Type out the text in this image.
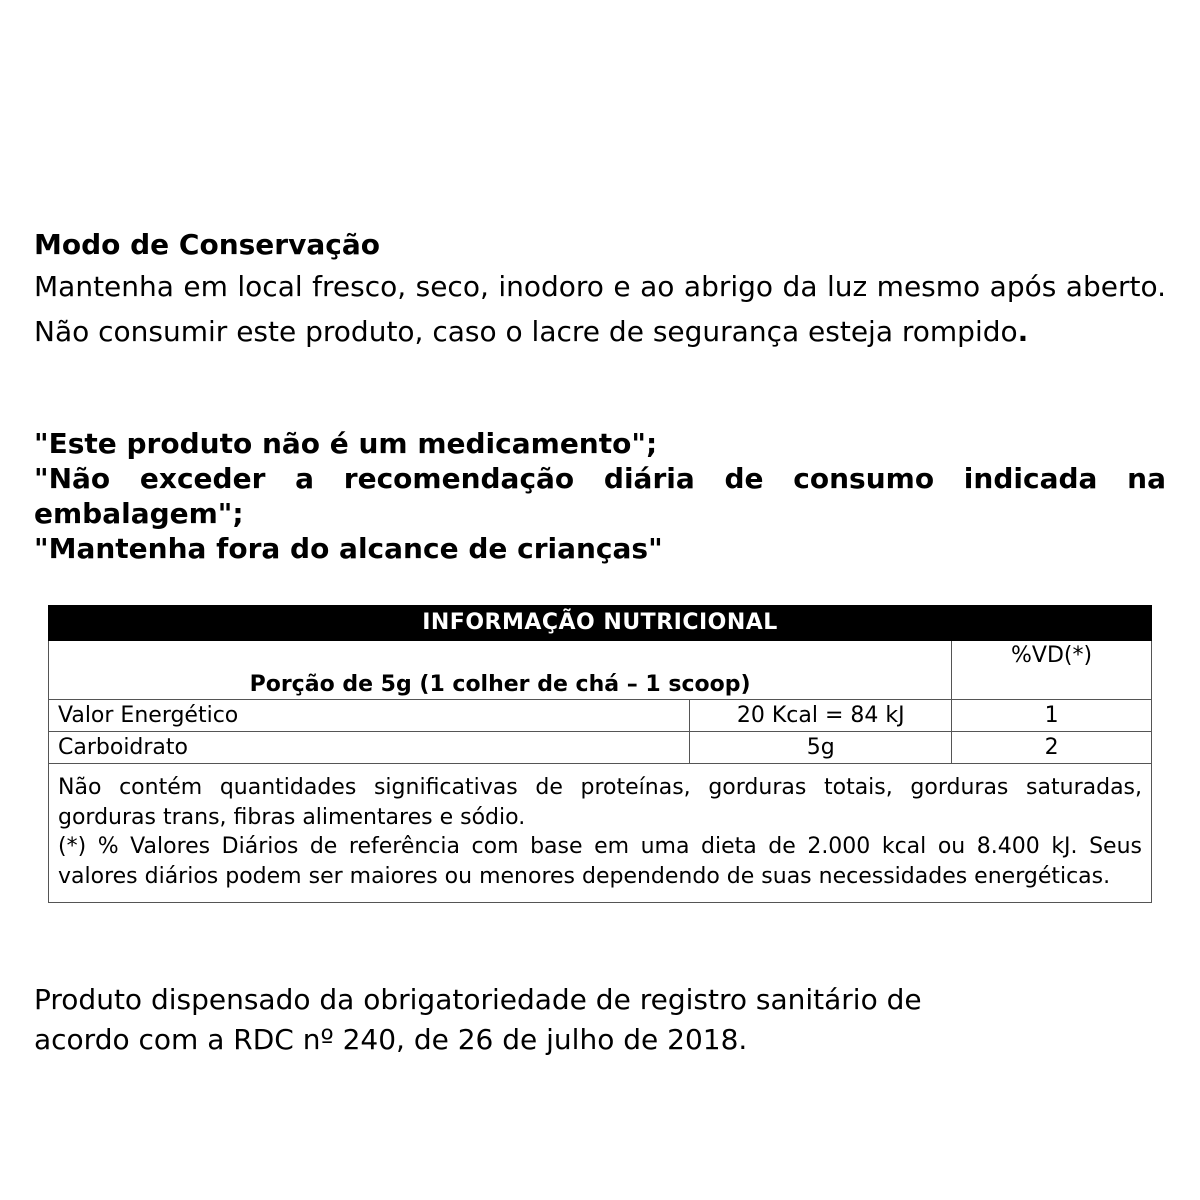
Modo de Conservação

Mantenha em local fresco, seco, inodoro e ao abrigo da luz mesmo após aberto. Não consumir este produto, caso o lacre de segurança esteja rompido.

"Este produto não é um medicamento";

"Não exceder a recomendação diária de consumo indicada na embalagem";

"Mantenha fora do alcance de crianças"

INFORMAÇÃO NUTRICIONAL		
Porção de 5g (1 colher de chá – 1 scoop)		%VD(*)
Valor Energético	20 Kcal = 84 kJ	1
Carboidrato	5g	2

Não contém quantidades significativas de proteínas, gorduras totais, gorduras saturadas, gorduras trans, fibras alimentares e sódio.

(*) % Valores Diários de referência com base em uma dieta de 2.000 kcal ou 8.400 kJ. Seus valores diários podem ser maiores ou menores dependendo de suas necessidades energéticas.		

Produto dispensado da obrigatoriedade de registro sanitário de

acordo com a RDC nº 240, de 26 de julho de 2018.
